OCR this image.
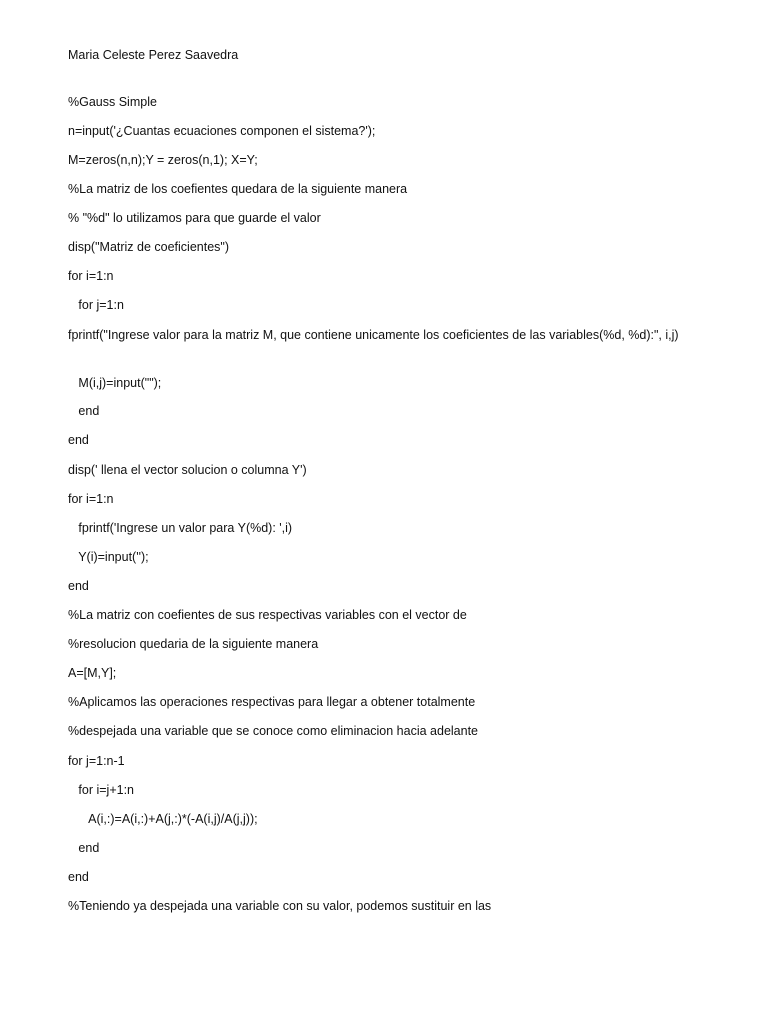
Maria Celeste Perez Saavedra
%Gauss Simple
n=input('¿Cuantas ecuaciones componen el sistema?');
M=zeros(n,n);Y = zeros(n,1); X=Y;
%La matriz de los coefientes quedara de la siguiente manera
% "%d" lo utilizamos para que guarde el valor
disp("Matriz de coeficientes")
for i=1:n
for j=1:n
fprintf("Ingrese valor para la matriz M, que contiene unicamente los coeficientes de las variables(%d, %d):", i,j)
M(i,j)=input("");
end
end
disp(' llena el vector solucion o columna Y')
for i=1:n
fprintf('Ingrese un valor para Y(%d): ',i)
Y(i)=input('');
end
%La matriz con coefientes de sus respectivas variables con el vector de
%resolucion quedaria de la siguiente manera
A=[M,Y];
%Aplicamos las operaciones respectivas para llegar a obtener totalmente
%despejada una variable que se conoce como eliminacion hacia adelante
for j=1:n-1
for i=j+1:n
A(i,:)=A(i,:)+A(j,:)*(-A(i,j)/A(j,j));
end
end
%Teniendo ya despejada una variable con su valor, podemos sustituir en las
